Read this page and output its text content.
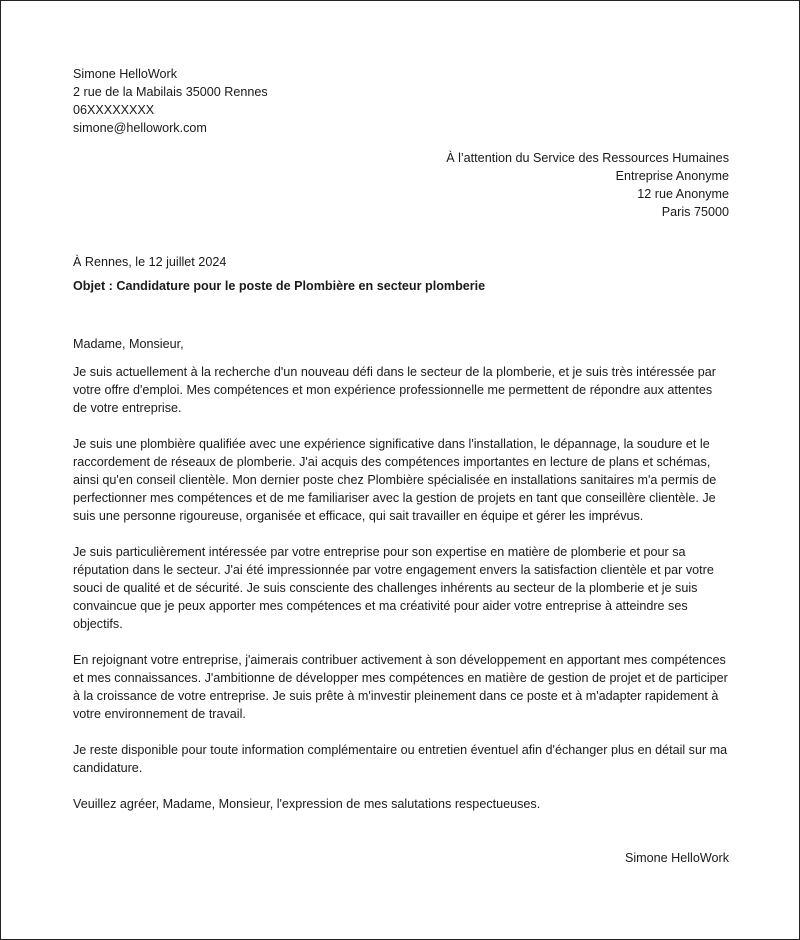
Simone HelloWork
2 rue de la Mabilais 35000 Rennes
06XXXXXXXX
simone@hellowork.com
À l’attention du Service des Ressources Humaines
Entreprise Anonyme
12 rue Anonyme
Paris 75000
À Rennes, le 12 juillet 2024
Objet : Candidature pour le poste de Plombière en secteur plomberie
Madame, Monsieur,
Je suis actuellement à la recherche d'un nouveau défi dans le secteur de la plomberie, et je suis très intéressée par votre offre d'emploi. Mes compétences et mon expérience professionnelle me permettent de répondre aux attentes de votre entreprise.
Je suis une plombière qualifiée avec une expérience significative dans l'installation, le dépannage, la soudure et le raccordement de réseaux de plomberie. J'ai acquis des compétences importantes en lecture de plans et schémas, ainsi qu'en conseil clientèle. Mon dernier poste chez Plombière spécialisée en installations sanitaires m'a permis de perfectionner mes compétences et de me familiariser avec la gestion de projets en tant que conseillère clientèle. Je suis une personne rigoureuse, organisée et efficace, qui sait travailler en équipe et gérer les imprévus.
Je suis particulièrement intéressée par votre entreprise pour son expertise en matière de plomberie et pour sa réputation dans le secteur. J'ai été impressionnée par votre engagement envers la satisfaction clientèle et par votre souci de qualité et de sécurité. Je suis consciente des challenges inhérents au secteur de la plomberie et je suis convaincue que je peux apporter mes compétences et ma créativité pour aider votre entreprise à atteindre ses objectifs.
En rejoignant votre entreprise, j'aimerais contribuer activement à son développement en apportant mes compétences et mes connaissances. J'ambitionne de développer mes compétences en matière de gestion de projet et de participer à la croissance de votre entreprise. Je suis prête à m'investir pleinement dans ce poste et à m'adapter rapidement à votre environnement de travail.
Je reste disponible pour toute information complémentaire ou entretien éventuel afin d'échanger plus en détail sur ma candidature.
Veuillez agréer, Madame, Monsieur, l'expression de mes salutations respectueuses.
Simone HelloWork
